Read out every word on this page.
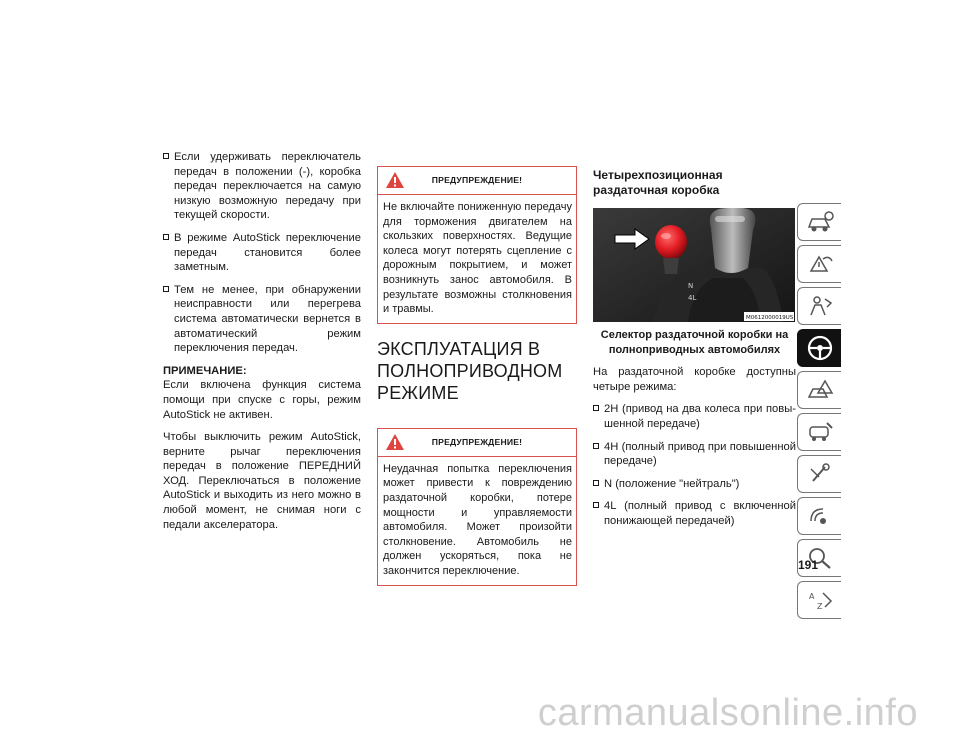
Если удерживать переключатель передач в положении (-), коробка передач переключается на самую низкую возможную передачу при текущей скорости.
В режиме AutoStick переключение передач становится более заметным.
Тем не менее, при обнаружении неисправности или перегрева система автоматически вернется в автоматический режим переключения передач.

ПРИМЕЧАНИЕ:

Если включена функция система помощи при спуске с горы, режим AutoStick не активен.

Чтобы выключить режим AutoStick, верните рычаг переключения передач в положение ПЕРЕДНИЙ ХОД. Переключаться в положение AutoStick и выходить из него можно в любой момент, не снимая ноги с педали акселератора.

ПРЕДУПРЕЖДЕНИЕ!
Не включайте пониженную передачу для торможения двигателем на скользких поверхностях. Ведущие колеса могут потерять сцепление с дорожным покрытием, и может возникнуть занос автомобиля. В результате возможны столкновения и травмы.
ЭКСПЛУАТАЦИЯ В ПОЛНОПРИВОДНОМ РЕЖИМЕ
ПРЕДУПРЕЖДЕНИЕ!
Неудачная попытка переключения может привести к повреждению раздаточной коробки, потере мощности и управляемости автомобиля. Может произойти столкновение. Автомобиль не должен ускоряться, пока не закончится переключение.

Четырехпозиционная раздаточная коробка

4L
N
M0612000019US

Селектор раздаточной коробки на полноприводных автомобилях

На раздаточной коробке доступны четыре режима:

2H (привод на два колеса при повышенной передаче)
4H (полный привод при повышенной передаче)
N (положение "нейтраль")
4L (полный привод с включенной понижающей передачей)
A
Z
191
carmanualsonline.info
